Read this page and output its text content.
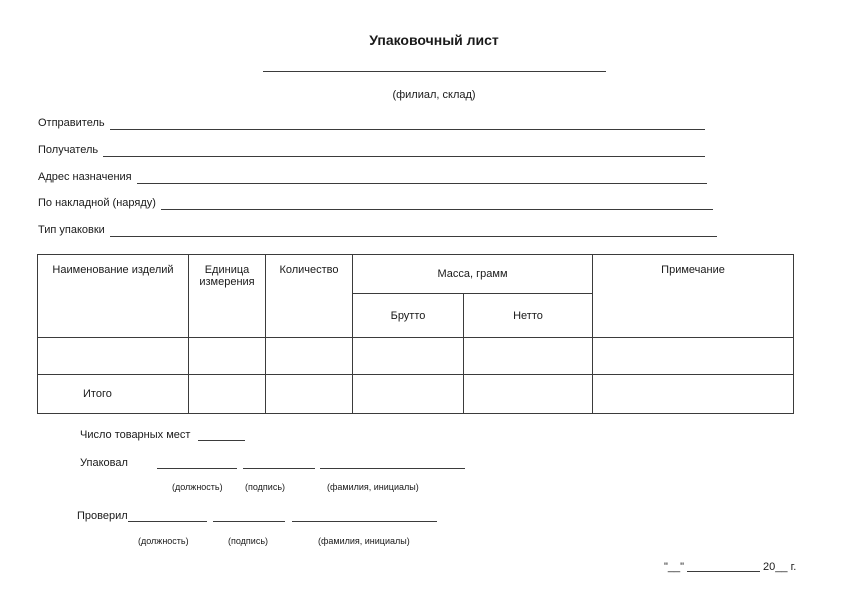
Упаковочный лист
(филиал, склад)
Отправитель
Получатель
Адрес назначения
По накладной (наряду)
Тип упаковки
Наименование изделий	Единица измерения	Количество	Масса, грамм		Примечание
			Брутто	Нетто	

Итого					
Число товарных мест
Упаковал
(должность) (подпись)	(фамилия, инициалы)
Проверил
(должность)	(подпись)	(фамилия, инициалы)
"__"	20__ г.
